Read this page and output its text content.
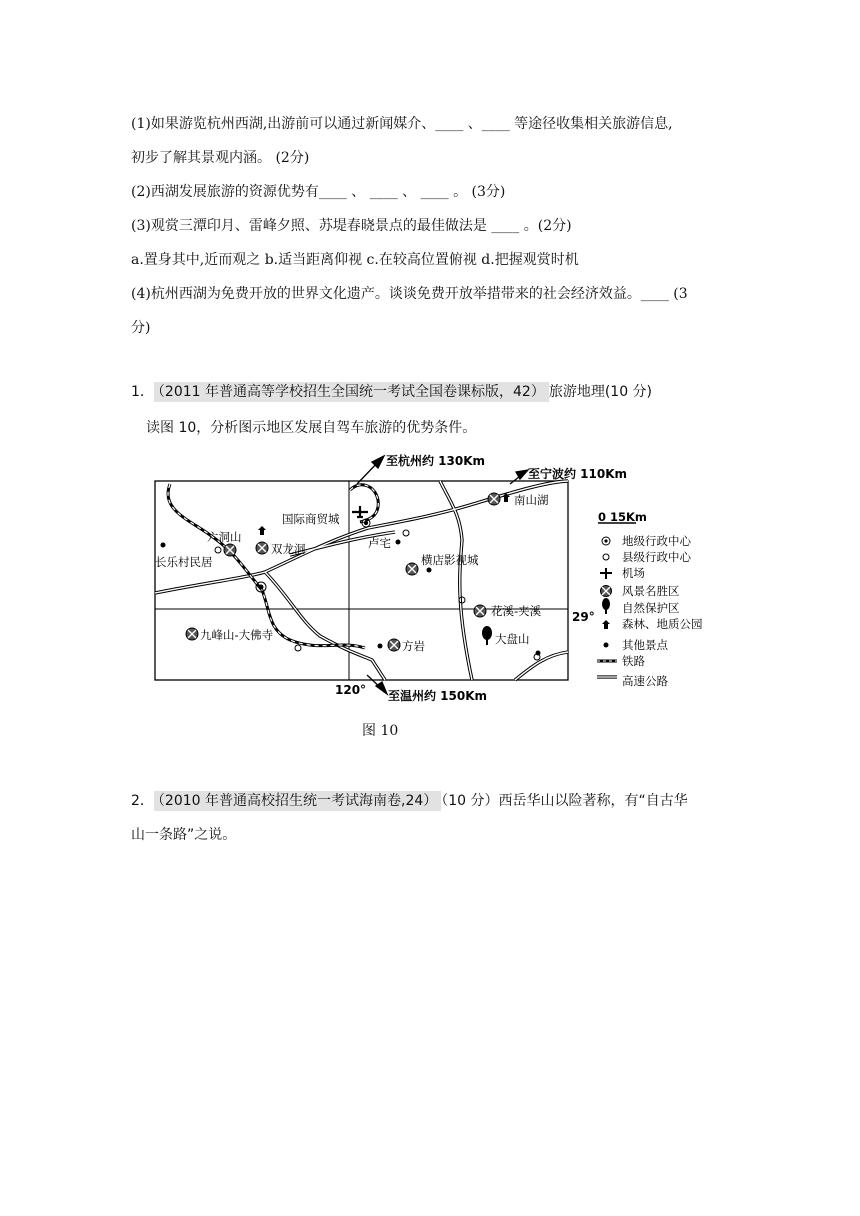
(1)如果游览杭州西湖,出游前可以通过新闻媒介、____ 、____ 等途径收集相关旅游信息,
初步了解其景观内涵。 (2分)
(2)西湖发展旅游的资源优势有____ 、 ____ 、 ____ 。 (3分)
(3)观赏三潭印月、雷峰夕照、苏堤春晓景点的最佳做法是 ____ 。(2分)
a.置身其中,近而观之 b.适当距离仰视 c.在较高位置俯视 d.把握观赏时机
(4)杭州西湖为免费开放的世界文化遗产。谈谈免费开放举措带来的社会经济效益。____ (3
分)
1． （2011 年普通高等学校招生全国统一考试全国卷课标版，42） 旅游地理(10 分)
读图 10，分析图示地区发展自驾车旅游的优势条件。
至杭州约 130Km
至宁波约 110Km
至温州约 150Km
29°
120°
南山湖
国际商贸城
六洞山
双龙洞
长乐村民居
卢宅
横店影视城
花溪-夹溪
九峰山-大佛寺
方岩	大盘山
0 15Km
地级行政中心
县级行政中心
机场
风景名胜区
自然保护区
森林、地质公园
其他景点
铁路
高速公路
图 10
2． （2010 年普通高校招生统一考试海南卷,24） （10 分）西岳华山以险著称，有“自古华
山一条路”之说。
